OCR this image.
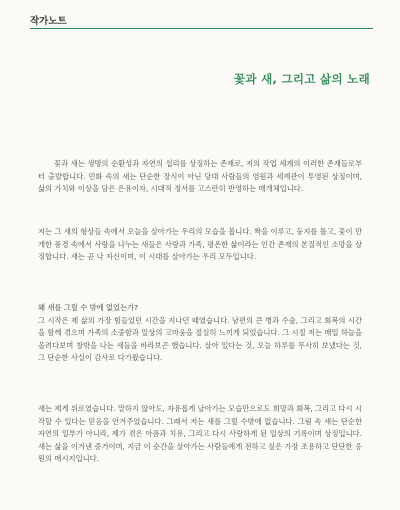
작가노트
꽃과 새, 그리고 삶의 노래

꽃과 새는 생명의 순환성과 자연의 섭리를 상징하는 존재로, 저의 작업 세계의 이러한 존재들로부터 출발합니다. 민화 속의 새는 단순한 장식이 아닌 당대 사람들의 염원과 세계관이 투영된 상징이며, 삶의 가치와 이상을 담은 은유이자, 시대적 정서를 고스란히 반영하는 매개체입니다.

저는 그 새의 형상들 속에서 오늘을 살아가는 우리의 모습을 봅니다. 짝을 이루고, 둥지를 틀고, 꽃이 만개한 풍경 속에서 사랑을 나누는 새들은 사랑과 가족, 평온한 삶이라는 인간 존재의 본질적인 소망을 상징합니다. 새는 곧 나 자신이며, 이 시대를 살아가는 우리 모두입니다.

왜 새를 그릴 수 밖에 없었는가?
그 시작은 제 삶의 가장 힘들었던 시간을 지나던 때였습니다. 남편의 큰 병과 수술, 그리고 회복의 시간을 함께 겪으며 가족의 소중함과 일상의 고마움을 절실히 느끼게 되었습니다. 그 시절 저는 매일 하늘을 올려다보며 창밖을 나는 새들을 바라보곤 했습니다. 살아 있다는 것, 오늘 하루를 무사히 보냈다는 것, 그 단순한 사실이 감사로 다가왔습니다.

새는 제게 위로였습니다. 말하지 않아도, 자유롭게 날아가는 모습만으로도 희망과 회복, 그리고 다시 시작할 수 있다는 믿음을 안겨주었습니다. 그래서 저는 새를 그릴 수밖에 없습니다. 그림 속 새는 단순한 자연의 일부가 아니라, 제가 겪은 아픔과 치유, 그리고 다시 사랑하게 된 일상의 기록이며 상징입니다. 새는 삶을 이겨낸 증거이며, 지금 이 순간을 살아가는 사람들에게 전하고 싶은 가장 조용하고 단단한 응원의 메시지입니다.
